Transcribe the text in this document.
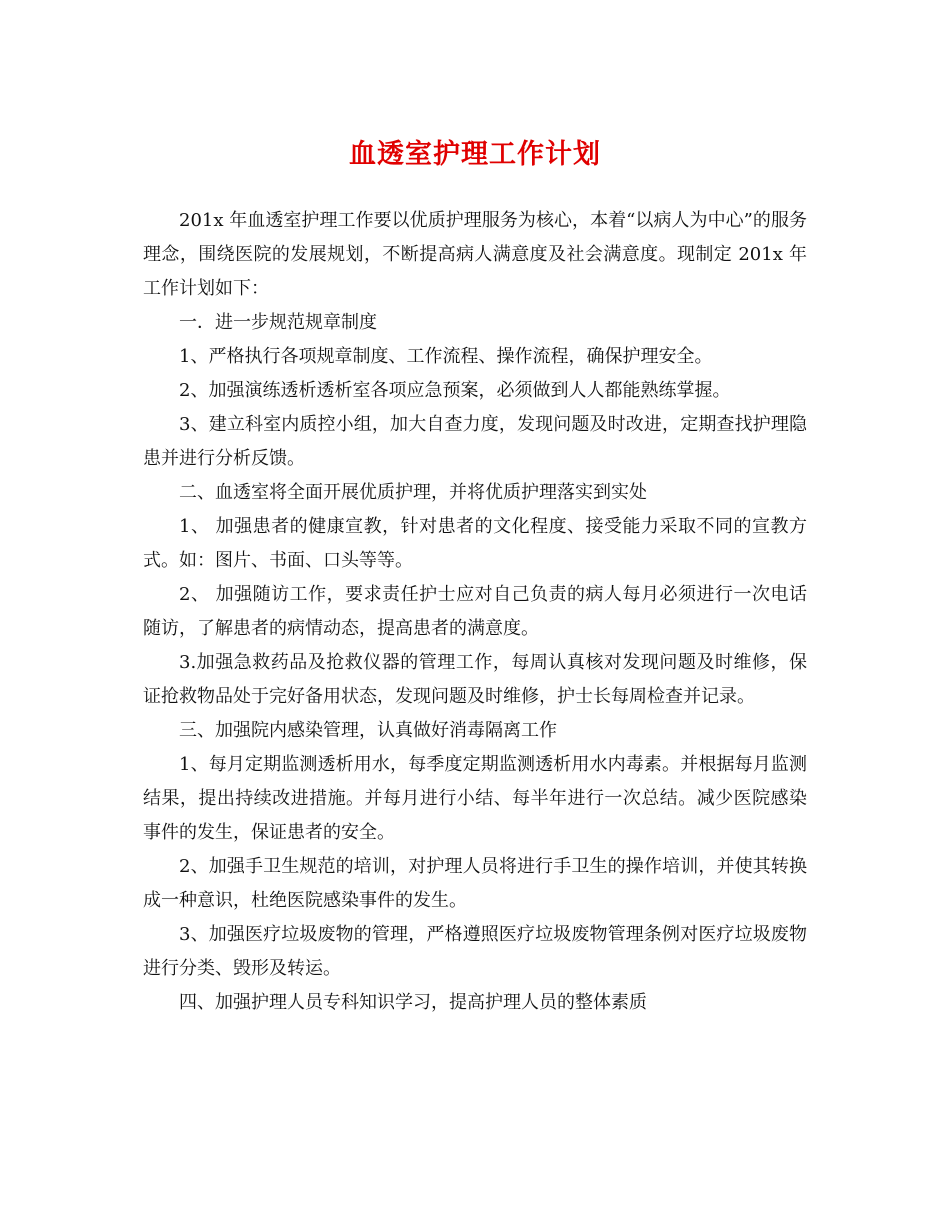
血透室护理工作计划

201x 年血透室护理工作要以优质护理服务为核心，本着“以病人为中心”的服务理念，围绕医院的发展规划，不断提高病人满意度及社会满意度。现制定 201x 年工作计划如下：

一．进一步规范规章制度

1、严格执行各项规章制度、工作流程、操作流程，确保护理安全。

2、加强演练透析透析室各项应急预案，必须做到人人都能熟练掌握。

3、建立科室内质控小组，加大自查力度，发现问题及时改进，定期查找护理隐患并进行分析反馈。

二、血透室将全面开展优质护理，并将优质护理落实到实处

1、 加强患者的健康宣教，针对患者的文化程度、接受能力采取不同的宣教方式。如：图片、书面、口头等等。

2、 加强随访工作，要求责任护士应对自己负责的病人每月必须进行一次电话随访，了解患者的病情动态，提高患者的满意度。

3.加强急救药品及抢救仪器的管理工作，每周认真核对发现问题及时维修，保证抢救物品处于完好备用状态，发现问题及时维修，护士长每周检查并记录。

三、加强院内感染管理，认真做好消毒隔离工作

1、每月定期监测透析用水，每季度定期监测透析用水内毒素。并根据每月监测结果，提出持续改进措施。并每月进行小结、每半年进行一次总结。减少医院感染事件的发生，保证患者的安全。

2、加强手卫生规范的培训，对护理人员将进行手卫生的操作培训，并使其转换成一种意识，杜绝医院感染事件的发生。

3、加强医疗垃圾废物的管理，严格遵照医疗垃圾废物管理条例对医疗垃圾废物进行分类、毁形及转运。

四、加强护理人员专科知识学习，提高护理人员的整体素质
